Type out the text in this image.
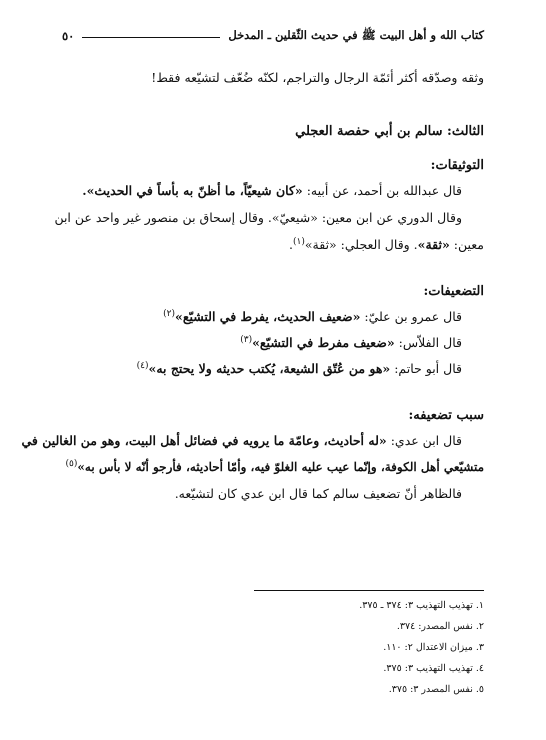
كتاب الله و أهل البيت ﷺ في حديث الثّقلين ـ المدخل
٥٠
وثقه وصدّقه أكثر أئمّة الرجال والتراجم، لكنّه ضُعّف لتشيّعه فقط!
الثالث: سالم بن أبي حفصة العجلي
التوثيقات:
قال عبدالله بن أحمد، عن أبيه: «كان شيعيّاً، ما أظنّ به بأساً في الحديث».
وقال الدوري عن ابن معين: «شيعيّ». وقال إسحاق بن منصور غير واحد عن ابن
معين: «ثقة». وقال العجلي: «ثقة»$^{(١)}$.
التضعيفات:
قال عمرو بن عليّ: «ضعيف الحديث، يفرط في التشيّع»$^{(٢)}$
قال الفلاّس: «ضعيف مفرط في التشيّع»$^{(٣)}$
قال أبو حاتم: «هو من عُتّق الشيعة، يُكتب حديثه ولا يحتج به»$^{(٤)}$
سبب تضعيفه:
قال ابن عدي: «له أحاديث، وعامّة ما يرويه في فضائل أهل البيت، وهو من الغالين في
متشيّعي أهل الكوفة، وإنّما عيب عليه الغلوّ فيه، وأمّا أحاديثه، فأرجو أنّه لا بأس به»$^{(٥)}$
فالظاهر أنّ تضعيف سالم كما قال ابن عدي كان لتشيّعه.
١. تهذيب التهذيب ٣: ٣٧٤ ـ ٣٧٥.
٢. نفس المصدر: ٣٧٤.
٣. ميزان الاعتدال ٢: ١١٠.
٤. تهذيب التهذيب ٣: ٣٧٥.
٥. نفس المصدر ٣: ٣٧٥.
